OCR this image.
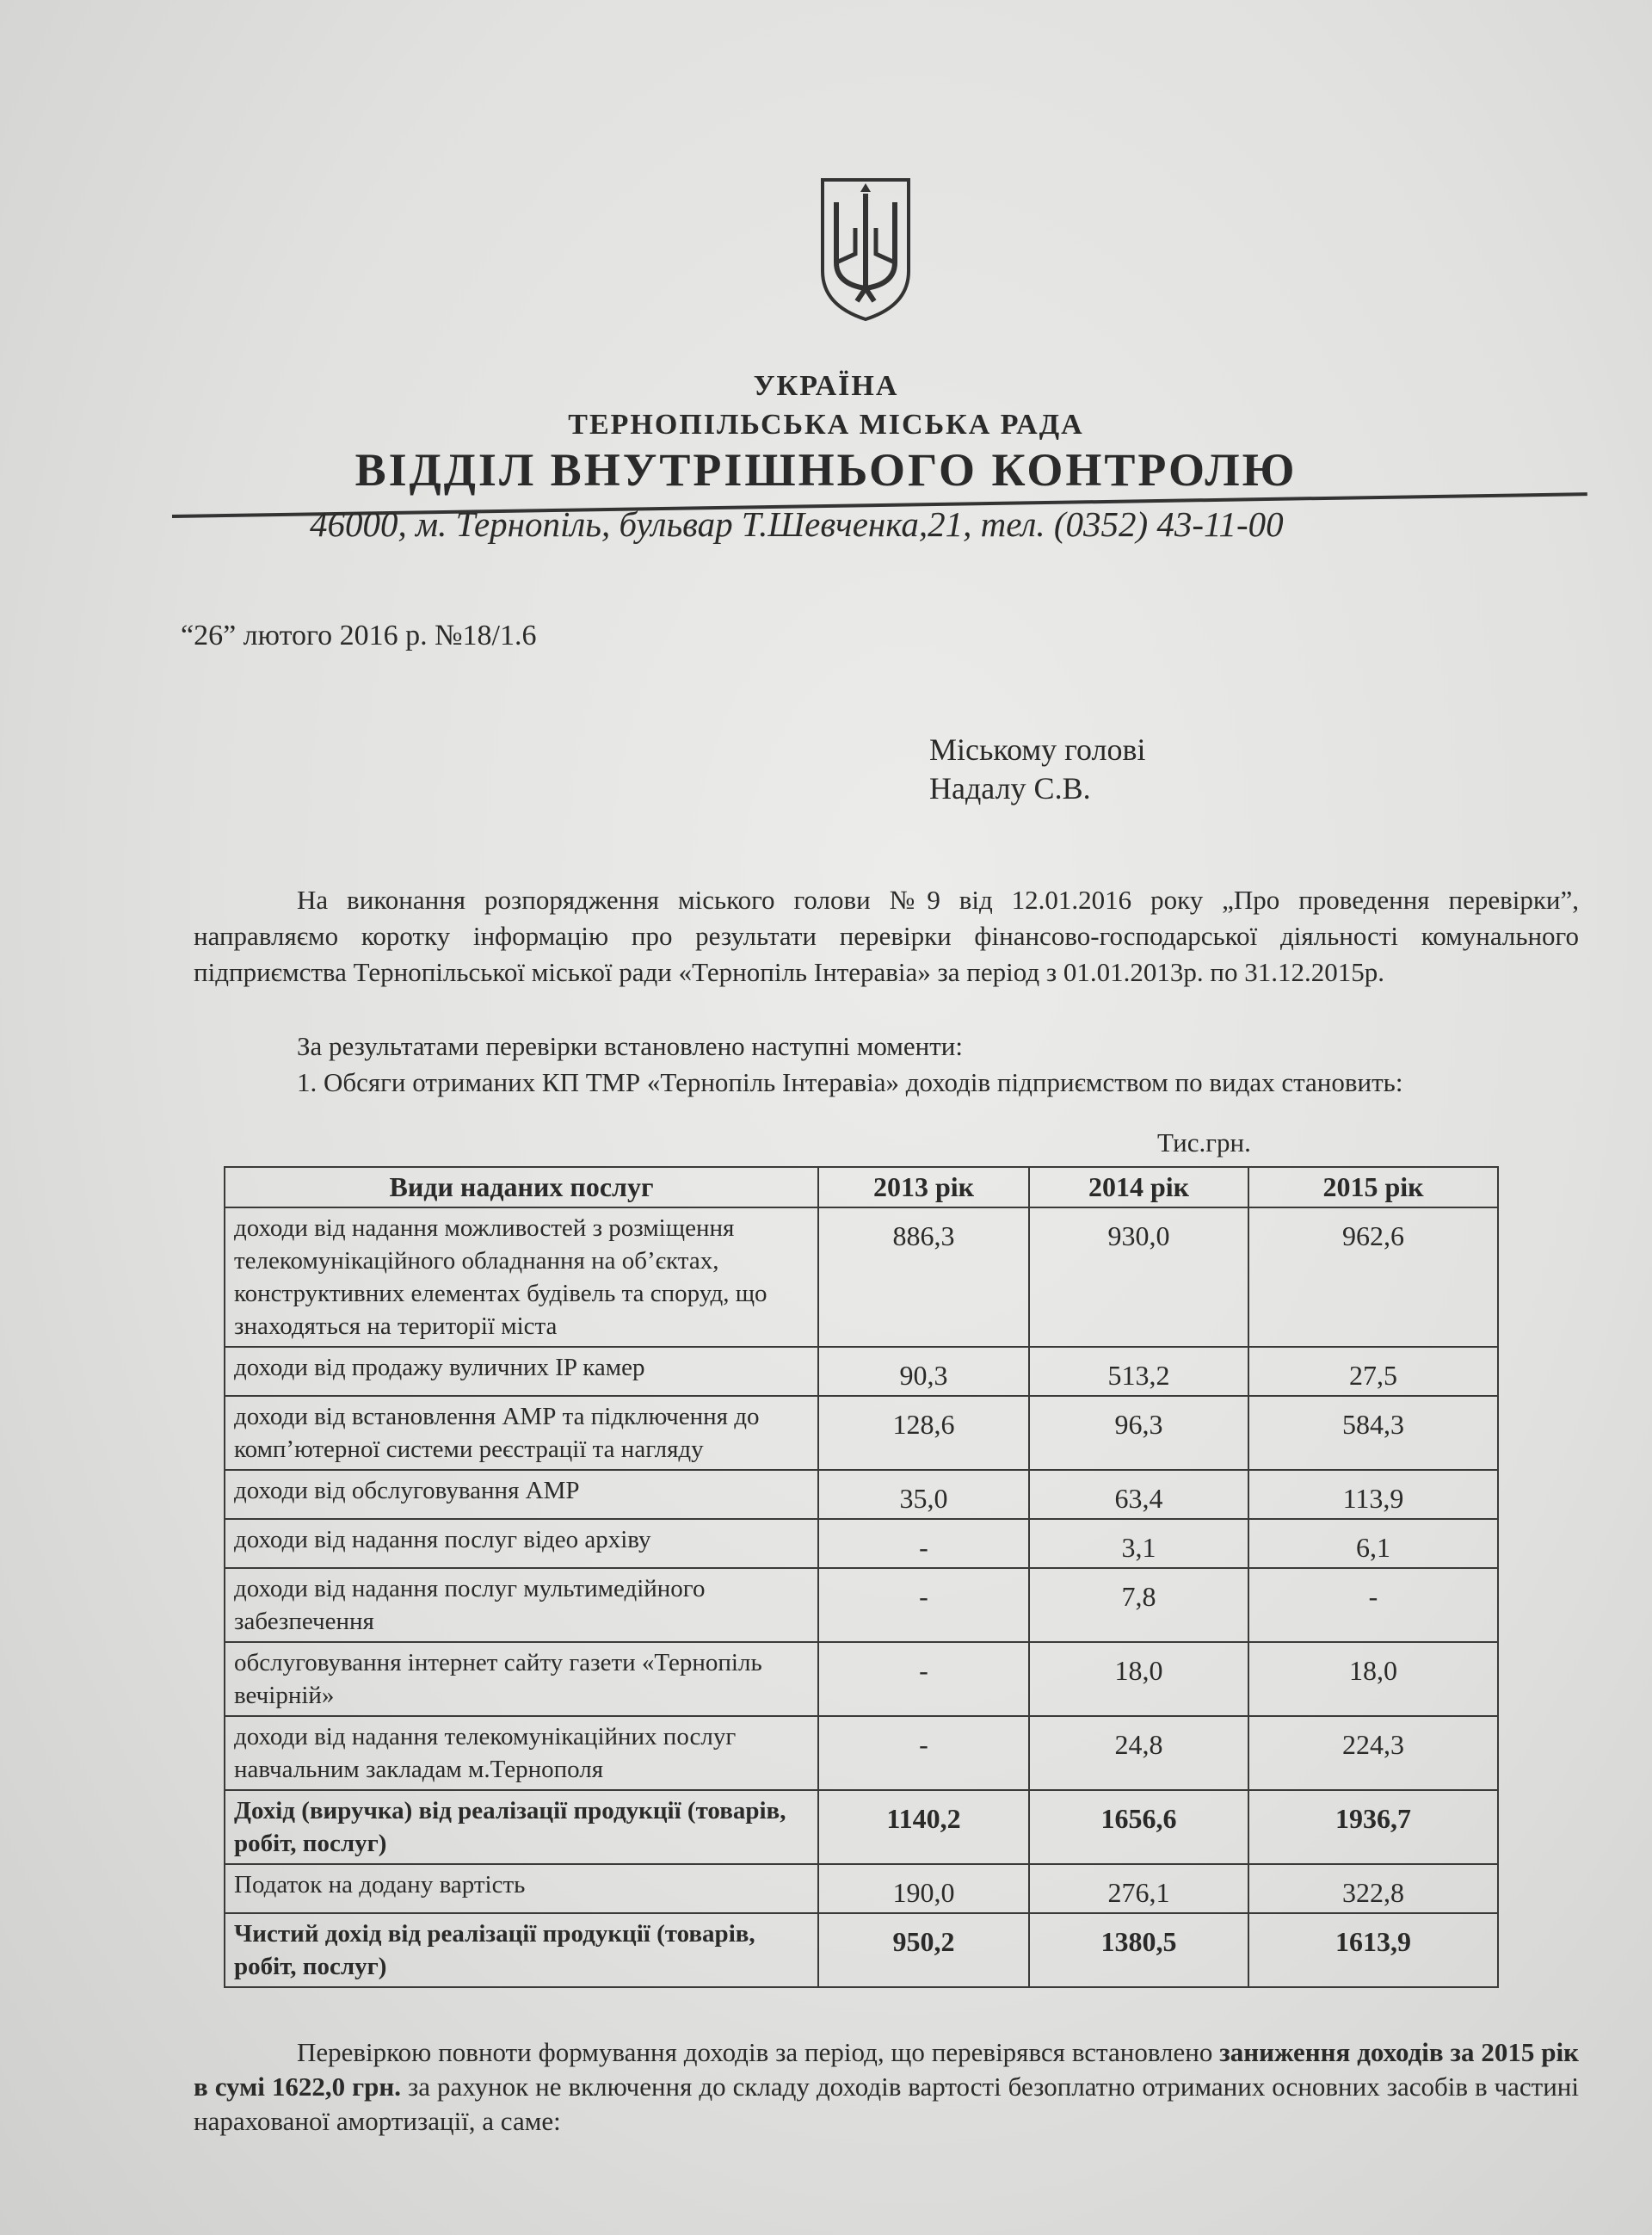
УКРАЇНА
ТЕРНОПІЛЬСЬКА МІСЬКА РАДА
ВІДДІЛ ВНУТРІШНЬОГО КОНТРОЛЮ
46000, м. Тернопіль, бульвар Т.Шевченка,21, тел. (0352) 43-11-00
“26” лютого 2016 р. №18/1.6
Міському голові
Надалу С.В.
На виконання розпорядження міського голови №9 від 12.01.2016 року „Про проведення перевірки”, направляємо коротку інформацію про результати перевірки фінансово-господарської діяльності комунального підприємства Тернопільської міської ради «Тернопіль Інтеравіа» за період з 01.01.2013р. по 31.12.2015р.
За результатами перевірки встановлено наступні моменти:
1. Обсяги отриманих КП ТМР «Тернопіль Інтеравіа» доходів підприємством по видах становить:
Тис.грн.
Види наданих послуг	2013 рік	2014 рік	2015 рік
доходи від надання можливостей з розміщення телекомунікаційного обладнання на об’єктах, конструктивних елементах будівель та споруд, що знаходяться на території міста	886,3	930,0	962,6
доходи від продажу вуличних IP камер	90,3	513,2	27,5
доходи від встановлення АМР та підключення до комп’ютерної системи реєстрації та нагляду	128,6	96,3	584,3
доходи від обслуговування АМР	35,0	63,4	113,9
доходи від надання послуг відео архіву	-	3,1	6,1
доходи від надання послуг мультимедійного забезпечення	-	7,8	-
обслуговування інтернет сайту газети «Тернопіль вечірній»	-	18,0	18,0
доходи від надання телекомунікаційних послуг навчальним закладам м.Тернополя	-	24,8	224,3
Дохід (виручка) від реалізації продукції (товарів, робіт, послуг)	1140,2	1656,6	1936,7
Податок на додану вартість	190,0	276,1	322,8
Чистий дохід від реалізації продукції (товарів, робіт, послуг)	950,2	1380,5	1613,9
Перевіркою повноти формування доходів за період, що перевірявся встановлено заниження доходів за 2015 рік в сумі 1622,0 грн. за рахунок не включення до складу доходів вартості безоплатно отриманих основних засобів в частині нарахованої амортизації, а саме:
